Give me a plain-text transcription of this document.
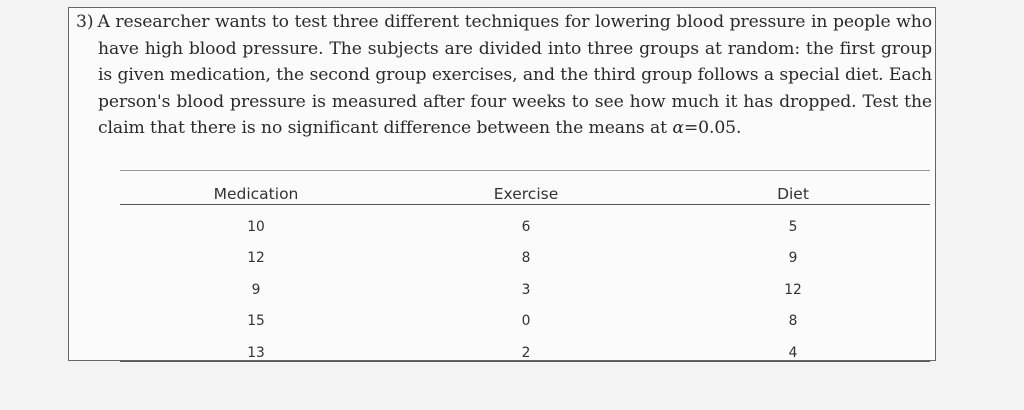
3) A researcher wants to test three different techniques for lowering blood pressure in people who have high blood pressure. The subjects are divided into three groups at random: the first group is given medication, the second group exercises, and the third group follows a special diet. Each person's blood pressure is measured after four weeks to see how much it has dropped. Test the claim that there is no significant difference between the means at α=0.05.
Medication
10
12
9
15
13
Exercise
6
8
3
0
2
Diet
5
9
12
8
4
